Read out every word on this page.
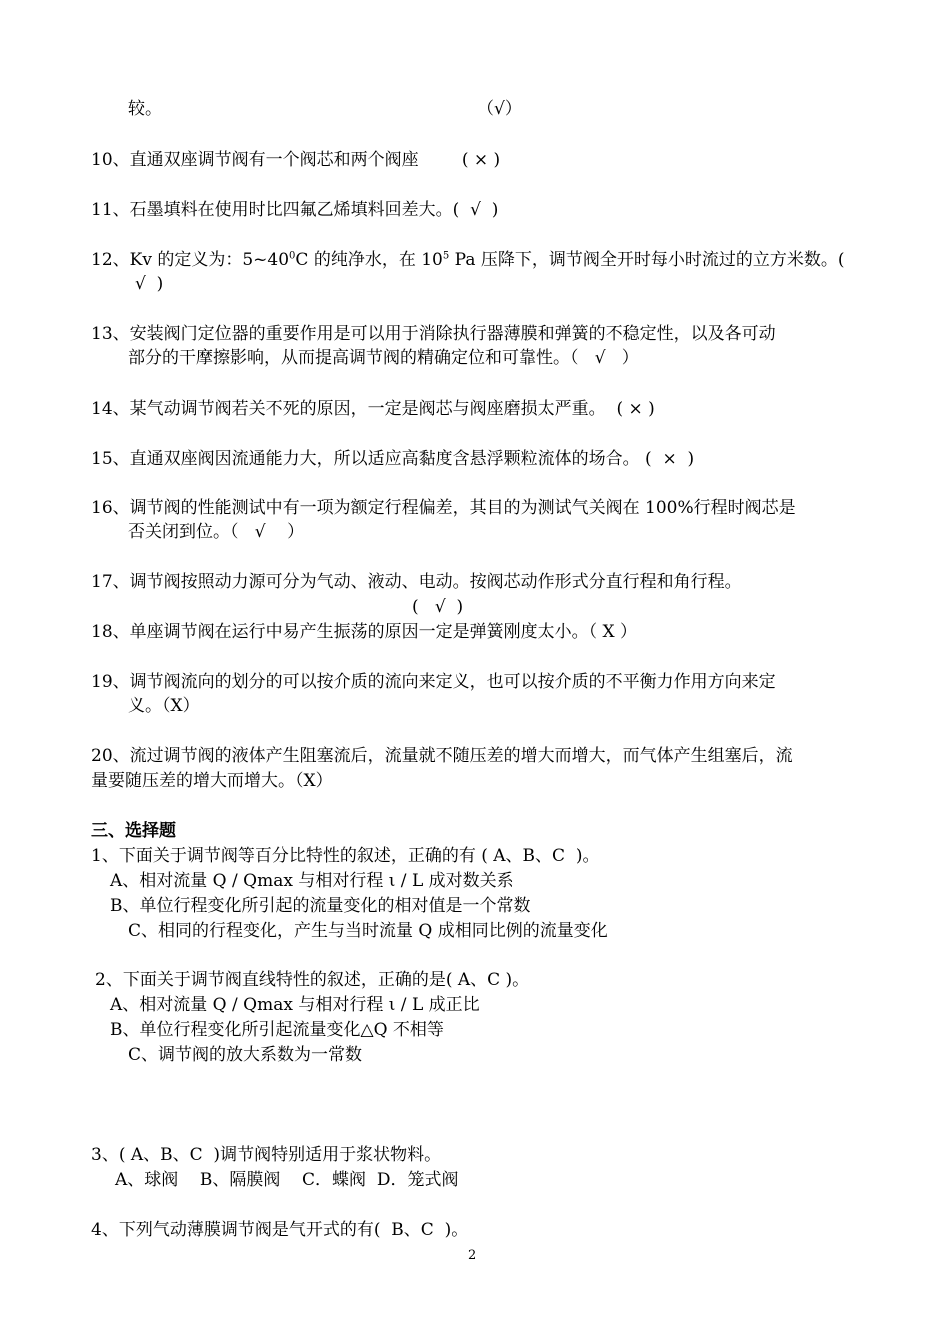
较。	（√）
10、直通双座调节阀有一个阀芯和两个阀座        ( × )
11、石墨填料在使用时比四氟乙烯填料回差大。(  √  )
12、Kv 的定义为：$5\sim 40^0C$ 的纯净水，在 $10^5$ Pa 压降下，调节阀全开时每小时流过的立方米数。(
√  )
13、安装阀门定位器的重要作用是可以用于消除执行器薄膜和弹簧的不稳定性，以及各可动
部分的干摩擦影响，从而提高调节阀的精确定位和可靠性。（   √   ）
14、某气动调节阀若关不死的原因，一定是阀芯与阀座磨损太严重。  ( × )
15、直通双座阀因流通能力大，所以适应高黏度含悬浮颗粒流体的场合。 (  ×  )
16、调节阀的性能测试中有一项为额定行程偏差，其目的为测试气关阀在 100%行程时阀芯是
否关闭到位。（   √    ）
17、调节阀按照动力源可分为气动、液动、电动。按阀芯动作形式分直行程和角行程。
(   √  )
18、单座调节阀在运行中易产生振荡的原因一定是弹簧刚度太小。（ X ）
19、调节阀流向的划分的可以按介质的流向来定义，也可以按介质的不平衡力作用方向来定
义。（X）
20、流过调节阀的液体产生阻塞流后，流量就不随压差的增大而增大，而气体产生组塞后，流
量要随压差的增大而增大。（X）
三、选择题
1、下面关于调节阀等百分比特性的叙述，正确的有 ( A、B、C  )。
A、相对流量 Q / Qmax 与相对行程 ι / L 成对数关系
B、单位行程变化所引起的流量变化的相对值是一个常数
C、相同的行程变化，产生与当时流量 Q 成相同比例的流量变化
2、下面关于调节阀直线特性的叙述，正确的是( A、C )。
A、相对流量 Q / Qmax 与相对行程 ι / L 成正比
B、单位行程变化所引起流量变化△Q 不相等
C、调节阀的放大系数为一常数
3、( A、B、C  )调节阀特别适用于浆状物料。
A、球阀    B、隔膜阀    C．蝶阀  D．笼式阀
4、下列气动薄膜调节阀是气开式的有(  B、C  )。
2
